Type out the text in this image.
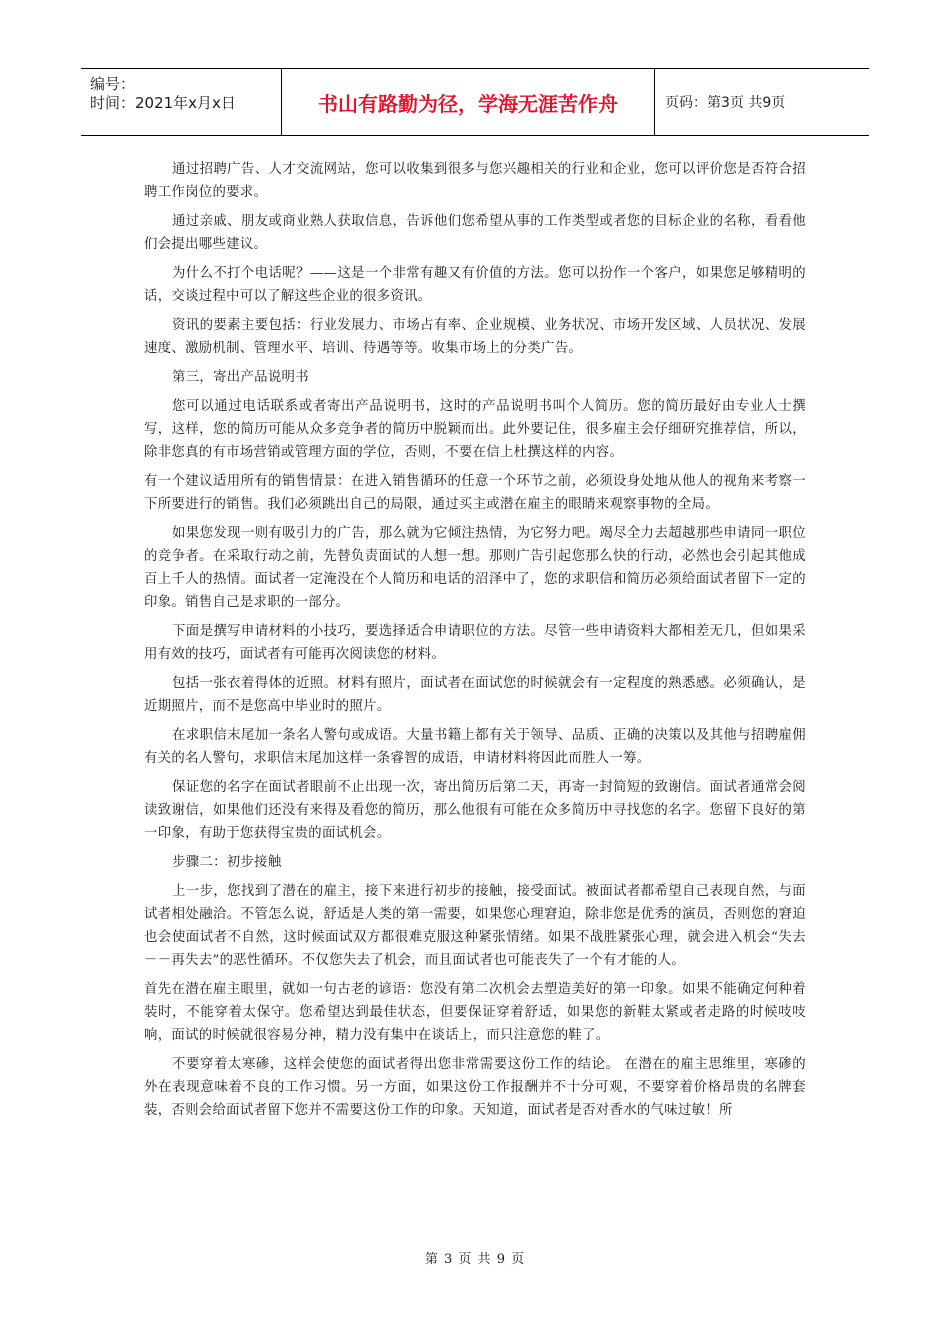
编号：
时间：2021年x月x日	书山有路勤为径，学海无涯苦作舟	页码：第3页 共9页

通过招聘广告、人才交流网站，您可以收集到很多与您兴趣相关的行业和企业，您可以评价您是否符合招聘工作岗位的要求。

通过亲戚、朋友或商业熟人获取信息，告诉他们您希望从事的工作类型或者您的目标企业的名称，看看他们会提出哪些建议。

为什么不打个电话呢？——这是一个非常有趣又有价值的方法。您可以扮作一个客户，如果您足够精明的话，交谈过程中可以了解这些企业的很多资讯。

资讯的要素主要包括：行业发展力、市场占有率、企业规模、业务状况、市场开发区域、人员状况、发展速度、激励机制、管理水平、培训、待遇等等。收集市场上的分类广告。

第三，寄出产品说明书

您可以通过电话联系或者寄出产品说明书，这时的产品说明书叫个人简历。您的简历最好由专业人士撰写，这样，您的简历可能从众多竞争者的简历中脱颖而出。此外要记住，很多雇主会仔细研究推荐信，所以，除非您真的有市场营销或管理方面的学位，否则，不要在信上杜撰这样的内容。

有一个建议适用所有的销售情景：在进入销售循环的任意一个环节之前，必须设身处地从他人的视角来考察一下所要进行的销售。我们必须跳出自己的局限，通过买主或潜在雇主的眼睛来观察事物的全局。

如果您发现一则有吸引力的广告，那么就为它倾注热情，为它努力吧。竭尽全力去超越那些申请同一职位的竞争者。在采取行动之前，先替负责面试的人想一想。那则广告引起您那么快的行动，必然也会引起其他成百上千人的热情。面试者一定淹没在个人简历和电话的沼泽中了，您的求职信和简历必须给面试者留下一定的印象。销售自己是求职的一部分。

下面是撰写申请材料的小技巧，要选择适合申请职位的方法。尽管一些申请资料大都相差无几，但如果采用有效的技巧，面试者有可能再次阅读您的材料。

包括一张衣着得体的近照。材料有照片，面试者在面试您的时候就会有一定程度的熟悉感。必须确认，是近期照片，而不是您高中毕业时的照片。

在求职信末尾加一条名人警句或成语。大量书籍上都有关于领导、品质、正确的决策以及其他与招聘雇佣有关的名人警句，求职信末尾加这样一条睿智的成语，申请材料将因此而胜人一筹。

保证您的名字在面试者眼前不止出现一次，寄出简历后第二天，再寄一封简短的致谢信。面试者通常会阅读致谢信，如果他们还没有来得及看您的简历，那么他很有可能在众多简历中寻找您的名字。您留下良好的第一印象，有助于您获得宝贵的面试机会。

步骤二：初步接触

上一步，您找到了潜在的雇主，接下来进行初步的接触，接受面试。被面试者都希望自己表现自然，与面试者相处融洽。不管怎么说，舒适是人类的第一需要，如果您心理窘迫，除非您是优秀的演员，否则您的窘迫也会使面试者不自然，这时候面试双方都很难克服这种紧张情绪。如果不战胜紧张心理，就会进入机会“失去－－再失去”的恶性循环。不仅您失去了机会，而且面试者也可能丧失了一个有才能的人。

首先在潜在雇主眼里，就如一句古老的谚语：您没有第二次机会去塑造美好的第一印象。如果不能确定何种着装时，不能穿着太保守。您希望达到最佳状态，但要保证穿着舒适，如果您的新鞋太紧或者走路的时候吱吱响，面试的时候就很容易分神，精力没有集中在谈话上，而只注意您的鞋了。

不要穿着太寒碜，这样会使您的面试者得出您非常需要这份工作的结论。 在潜在的雇主思维里，寒碜的外在表现意味着不良的工作习惯。另一方面，如果这份工作报酬并不十分可观，不要穿着价格昂贵的名牌套装，否则会给面试者留下您并不需要这份工作的印象。天知道，面试者是否对香水的气味过敏！所

第 3 页 共 9 页
